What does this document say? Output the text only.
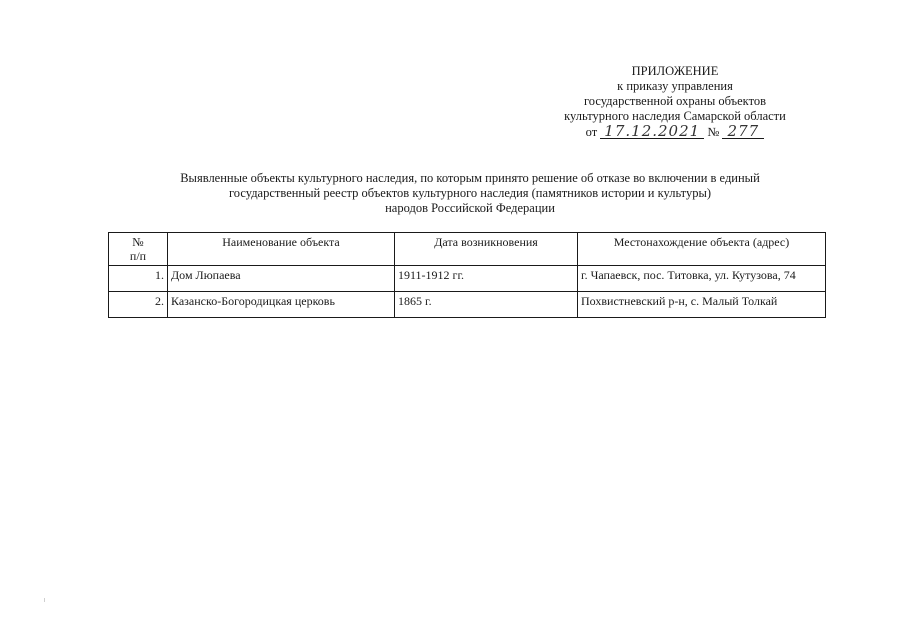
ПРИЛОЖЕНИЕ
к приказу управления
государственной охраны объектов
культурного наследия Самарской области
от 17.12.2021 № 277
Выявленные объекты культурного наследия, по которым принято решение об отказе во включении в единый
государственный реестр объектов культурного наследия (памятников истории и культуры)
народов Российской Федерации
№
п/п	Наименование объекта	Дата возникновения	Местонахождение объекта (адрес)
1.	Дом Люпаева	1911-1912 гг.	г. Чапаевск, пос. Титовка, ул. Кутузова, 74
2.	Казанско-Богородицкая церковь	1865 г.	Похвистневский р-н, с. Малый Толкай
